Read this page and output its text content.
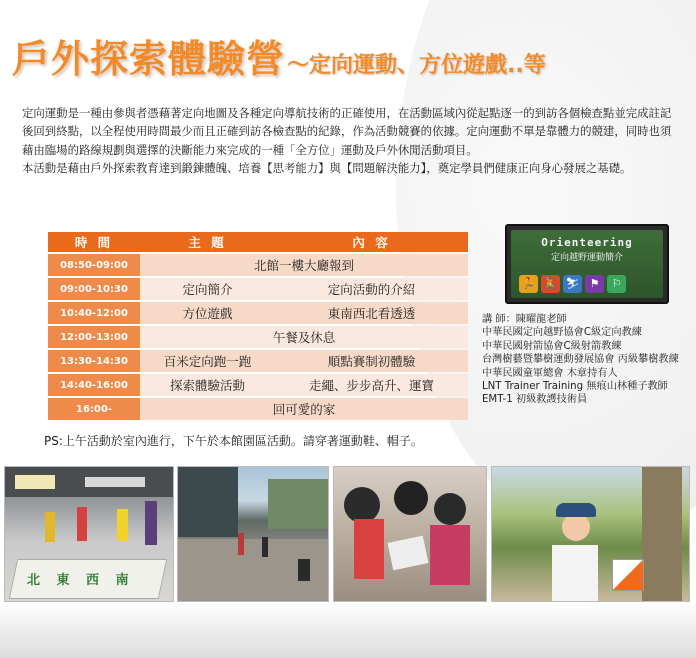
戶外探索體驗營 ～定向運動、方位遊戲..等

定向運動是一種由參與者憑藉著定向地圖及各種定向導航技術的正確使用，在活動區域內從起點逐一的到訪各個檢查點並完成註記後回到終點，以全程使用時間最少而且正確到訪各檢查點的紀錄，作為活動競賽的依據。定向運動不單是靠體力的競建，同時也須藉由臨場的路線規劃與選擇的決斷能力來完成的一種「全方位」運動及戶外休閒活動項目。

本活動是藉由戶外探索教育達到鍛鍊體魄、培養【思考能力】與【問題解決能力】，奠定學員們健康正向身心發展之基礎。

時 間	主 題	內 容
08:50-09:00	北館一樓大廳報到	
09:00-10:30	定向簡介	定向活動的介紹
10:40-12:00	方位遊戲	東南西北看透透
12:00-13:00	午餐及休息	
13:30-14:30	百米定向跑一跑	順點賽制初體驗
14:40-16:00	探索體驗活動	走繩、步步高升、運寶
16:00-	回可愛的家	
PS:上午活動於室內進行，下午於本館園區活動。請穿著運動鞋、帽子。
Orienteering
定向越野運動簡介

🏃 🚴 ⛷ ⚑	⚐
講 師：陳曜龍老師
中華民國定向越野協會C級定向教練
中華民國射箭協會C級射箭教練
台灣樹藝暨攀樹運動發展協會 丙級攀樹教練
中華民國童軍總會 木章持有人
LNT Trainer Training 無痕山林種子教師
EMT-1 初級救護技術員
北 東 西 南
